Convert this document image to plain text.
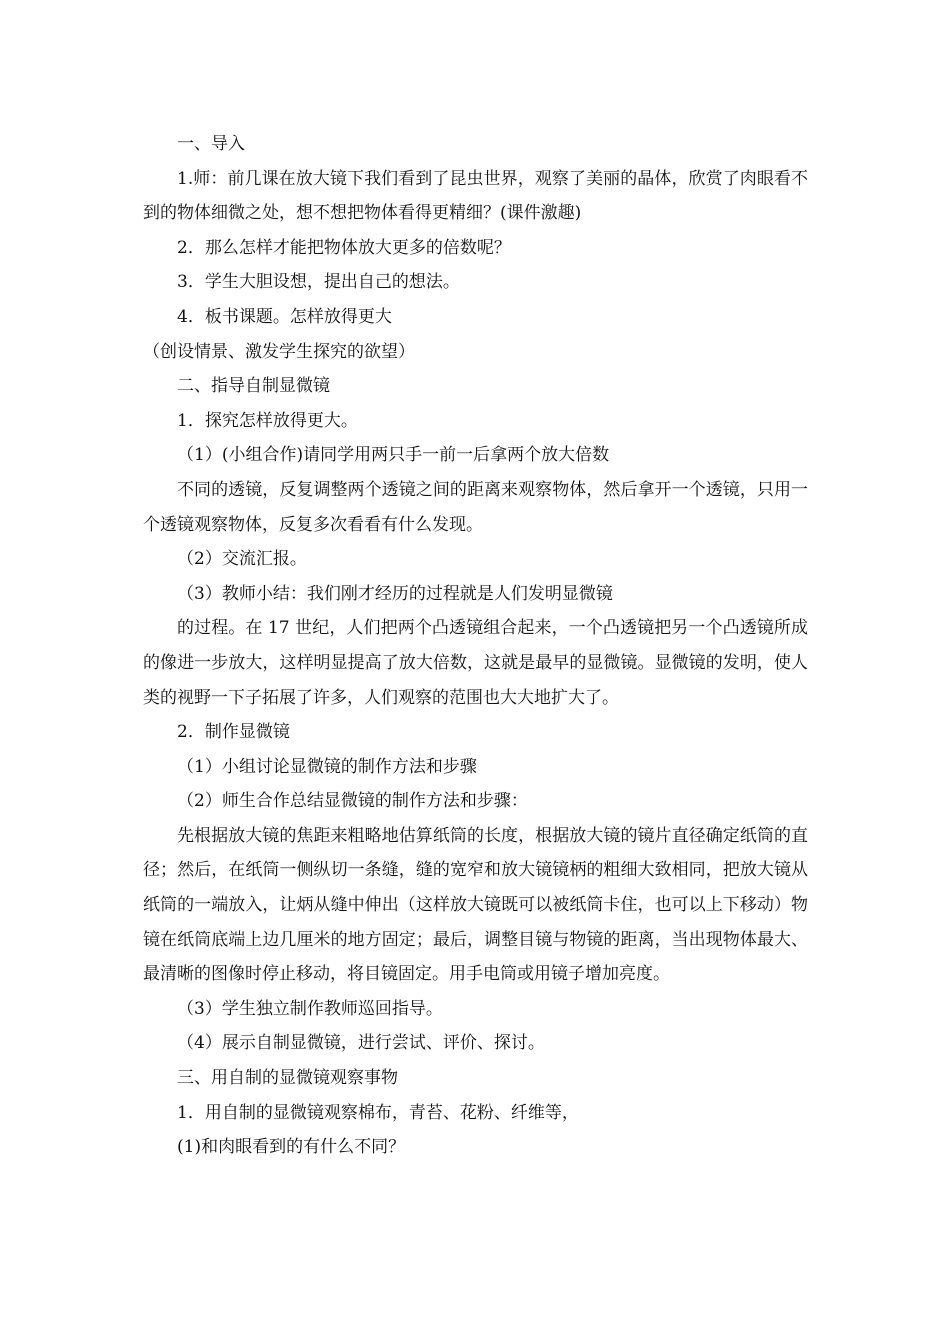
一、导入

1.师：前几课在放大镜下我们看到了昆虫世界，观察了美丽的晶体，欣赏了肉眼看不到的物体细微之处，想不想把物体看得更精细？(课件激趣)

2．那么怎样才能把物体放大更多的倍数呢？

3．学生大胆设想，提出自己的想法。

4．板书课题。怎样放得更大

（创设情景、激发学生探究的欲望）

二、指导自制显微镜

1．探究怎样放得更大。

（1）(小组合作)请同学用两只手一前一后拿两个放大倍数

不同的透镜，反复调整两个透镜之间的距离来观察物体，然后拿开一个透镜，只用一个透镜观察物体，反复多次看看有什么发现。

（2）交流汇报。

（3）教师小结：我们刚才经历的过程就是人们发明显微镜

的过程。在 17 世纪，人们把两个凸透镜组合起来，一个凸透镜把另一个凸透镜所成的像进一步放大，这样明显提高了放大倍数，这就是最早的显微镜。显微镜的发明，使人类的视野一下子拓展了许多，人们观察的范围也大大地扩大了。

2．制作显微镜

（1）小组讨论显微镜的制作方法和步骤

（2）师生合作总结显微镜的制作方法和步骤：

先根据放大镜的焦距来粗略地估算纸筒的长度，根据放大镜的镜片直径确定纸筒的直径；然后，在纸筒一侧纵切一条缝，缝的宽窄和放大镜镜柄的粗细大致相同，把放大镜从纸筒的一端放入，让炳从缝中伸出（这样放大镜既可以被纸筒卡住，也可以上下移动）物镜在纸筒底端上边几厘米的地方固定；最后，调整目镜与物镜的距离，当出现物体最大、最清晰的图像时停止移动，将目镜固定。用手电筒或用镜子增加亮度。

（3）学生独立制作教师巡回指导。

（4）展示自制显微镜，进行尝试、评价、探讨。

三、用自制的显微镜观察事物

1．用自制的显微镜观察棉布，青苔、花粉、纤维等，

(1)和肉眼看到的有什么不同？
